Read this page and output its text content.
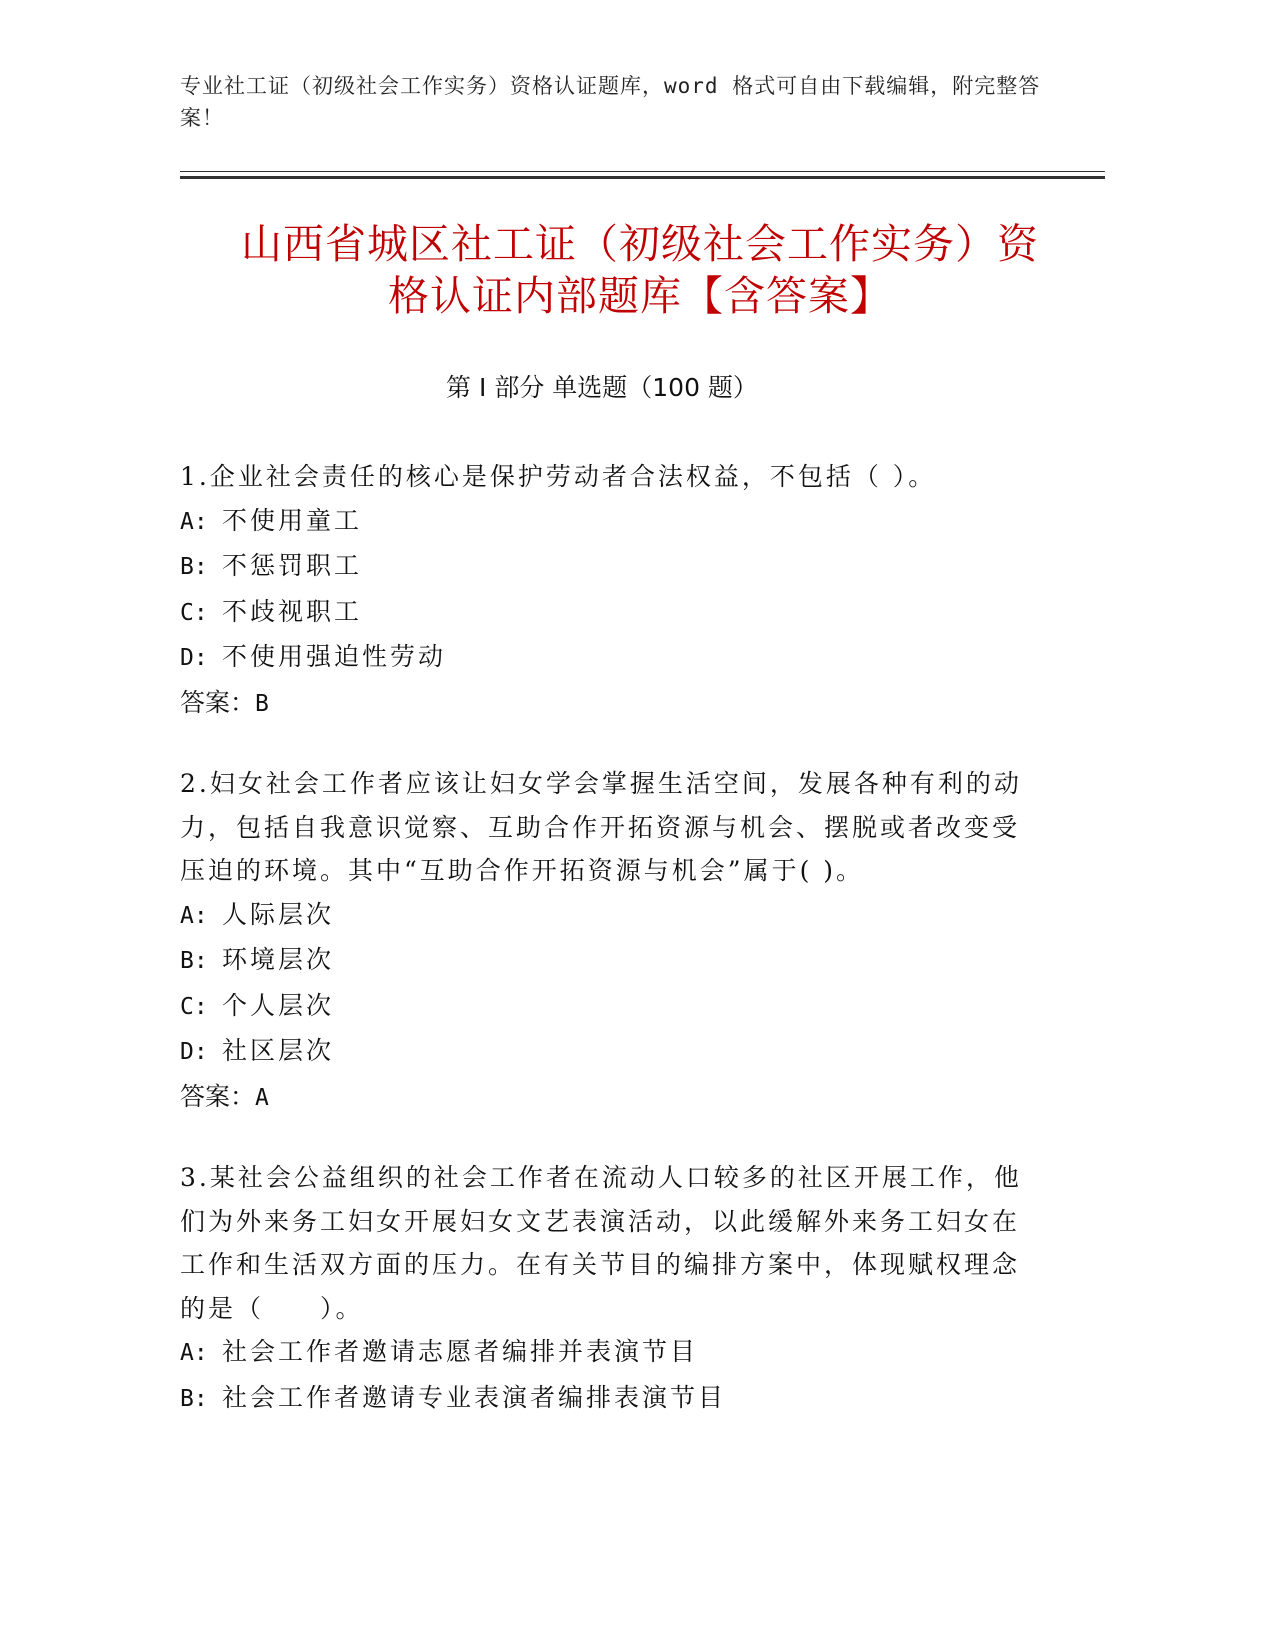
专业社工证（初级社会工作实务）资格认证题库，word 格式可自由下载编辑，附完整答案！
山西省城区社工证（初级社会工作实务）资
格认证内部题库【含答案】
第 I 部分 单选题（100 题）

1.企业社会责任的核心是保护劳动者合法权益，不包括（ ）。

A: 不使用童工

B: 不惩罚职工

C: 不歧视职工

D: 不使用强迫性劳动

答案：B

2.妇女社会工作者应该让妇女学会掌握生活空间，发展各种有利的动力，包括自我意识觉察、互助合作开拓资源与机会、摆脱或者改变受压迫的环境。其中“互助合作开拓资源与机会”属于( )。

A: 人际层次

B: 环境层次

C: 个人层次

D: 社区层次

答案：A

3.某社会公益组织的社会工作者在流动人口较多的社区开展工作，他们为外来务工妇女开展妇女文艺表演活动，以此缓解外来务工妇女在工作和生活双方面的压力。在有关节目的编排方案中，体现赋权理念的是（　　）。

A: 社会工作者邀请志愿者编排并表演节目

B: 社会工作者邀请专业表演者编排表演节目
